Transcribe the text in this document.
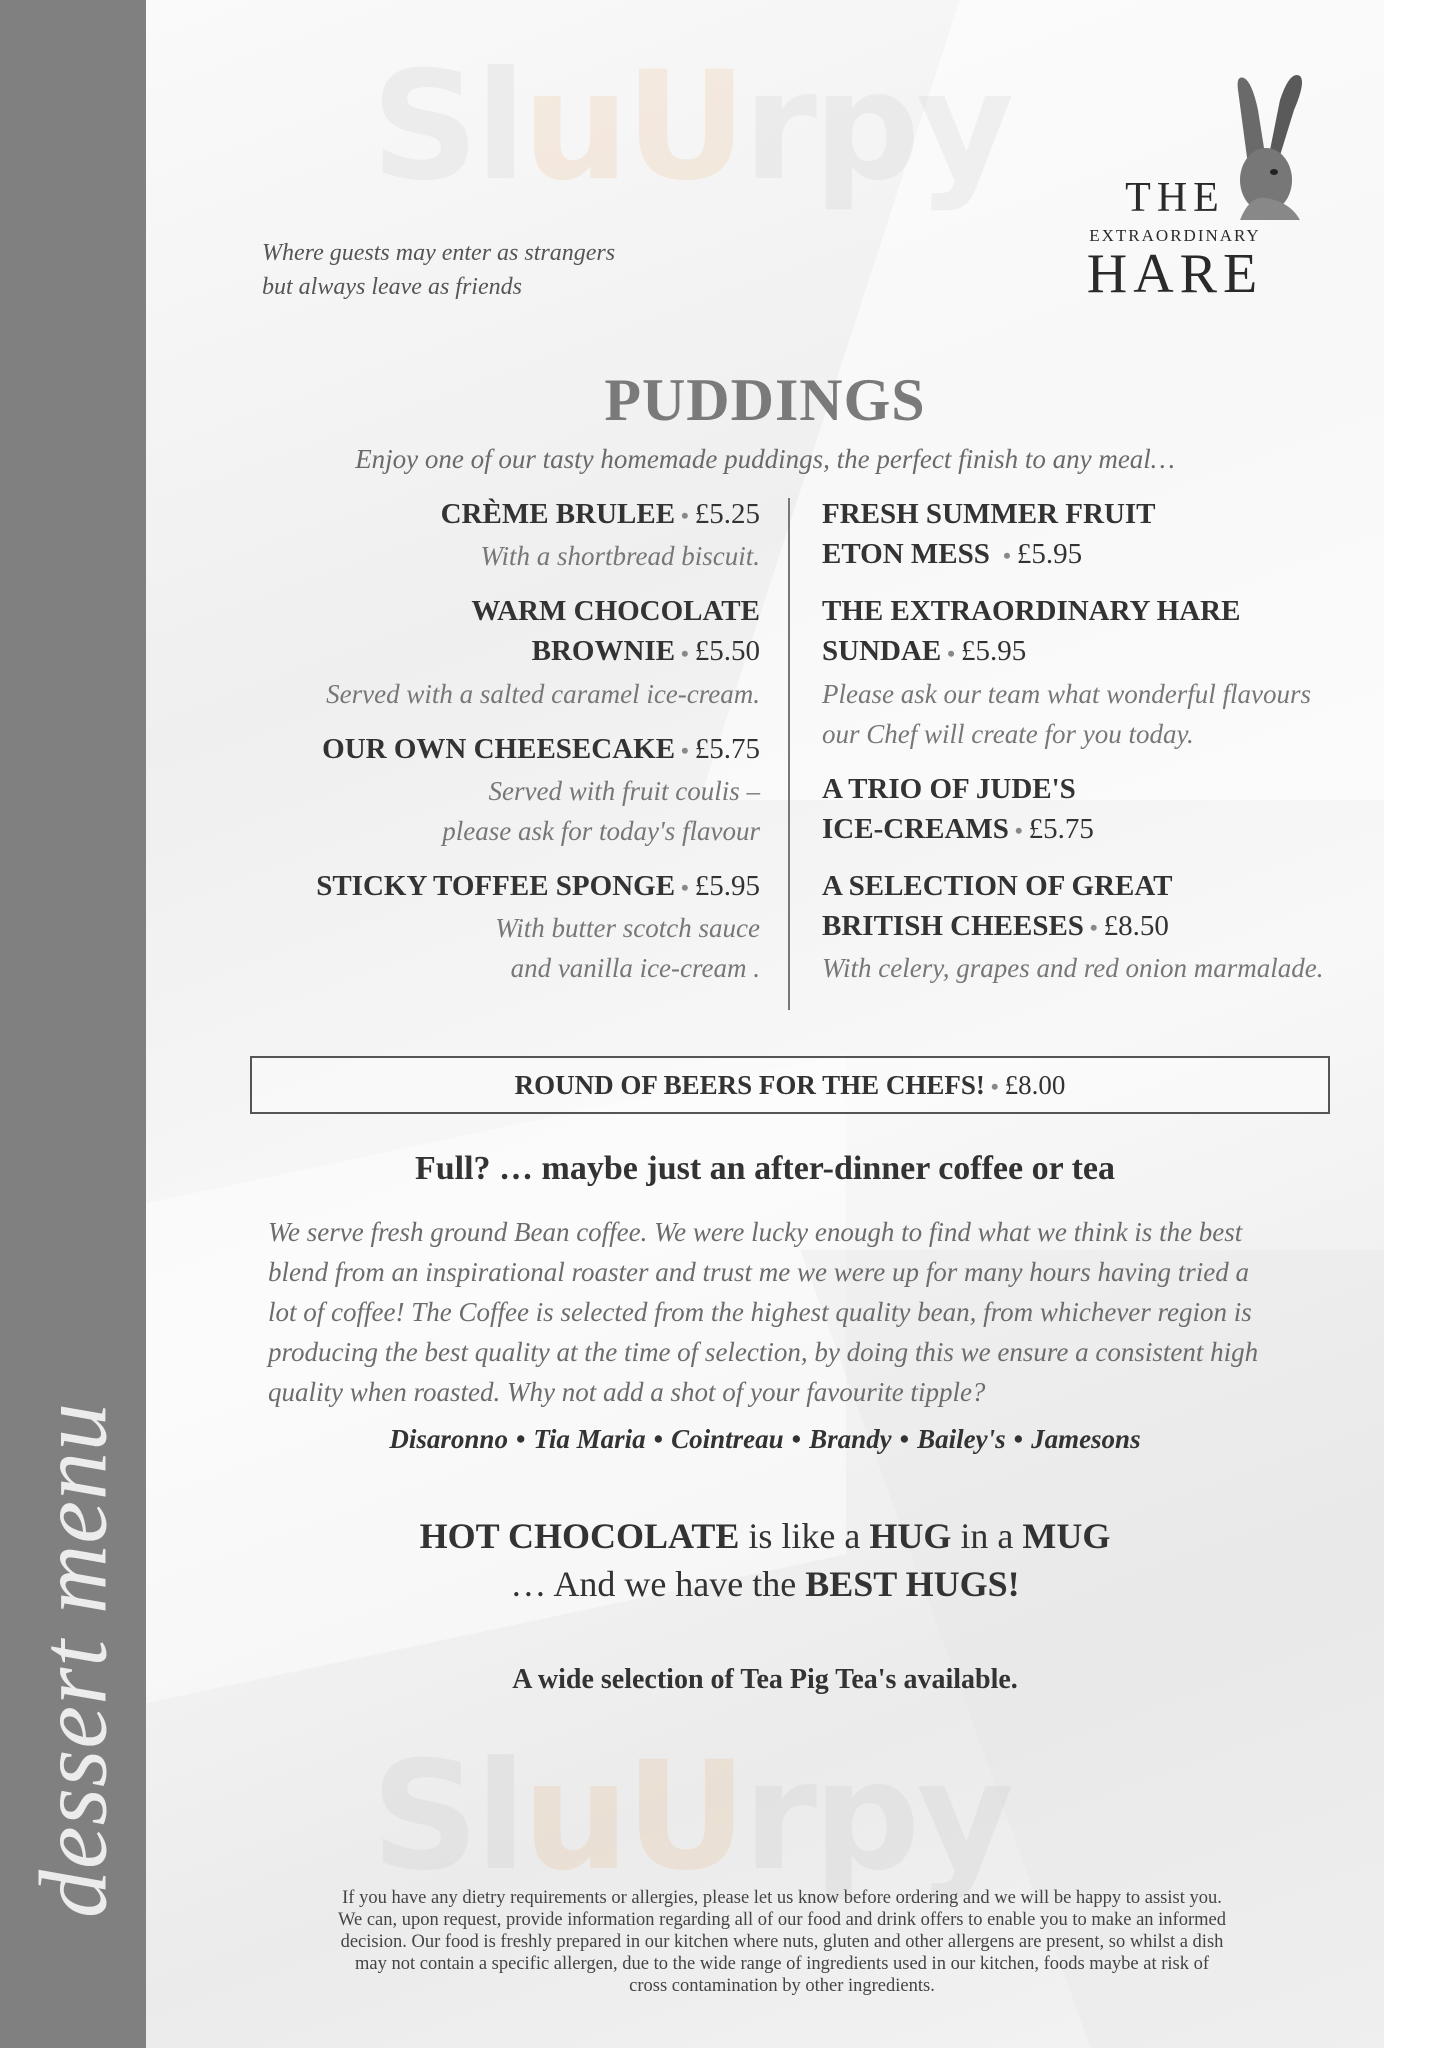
dessert menu
SluUrpy
SluUrpy
Where guests may enter as strangers
but always leave as friends
THE
EXTRAORDINARY
HARE
PUDDINGS
Enjoy one of our tasty homemade puddings, the perfect finish to any meal…
CRÈME BRULEE • £5.25
With a shortbread biscuit.
WARM CHOCOLATE
BROWNIE • £5.50
Served with a salted caramel ice-cream.
OUR OWN CHEESECAKE • £5.75
Served with fruit coulis –
please ask for today's flavour
STICKY TOFFEE SPONGE • £5.95
With butter scotch sauce
and vanilla ice-cream .
FRESH SUMMER FRUIT
ETON MESS • £5.95
THE EXTRAORDINARY HARE
SUNDAE • £5.95
Please ask our team what wonderful flavours
our Chef will create for you today.
A TRIO OF JUDE'S
ICE-CREAMS • £5.75
A SELECTION OF GREAT
BRITISH CHEESES • £8.50
With celery, grapes and red onion marmalade.
ROUND OF BEERS FOR THE CHEFS! • £8.00
Full? … maybe just an after-dinner coffee or tea
We serve fresh ground Bean coffee. We were lucky enough to find what we think is the best
blend from an inspirational roaster and trust me we were up for many hours having tried a
lot of coffee! The Coffee is selected from the highest quality bean, from whichever region is
producing the best quality at the time of selection, by doing this we ensure a consistent high
quality when roasted. Why not add a shot of your favourite tipple?
Disaronno • Tia Maria • Cointreau • Brandy • Bailey's • Jamesons
HOT CHOCOLATE is like a HUG in a MUG
… And we have the BEST HUGS!
A wide selection of Tea Pig Tea's available.
If you have any dietry requirements or allergies, please let us know before ordering and we will be happy to assist you.
We can, upon request, provide information regarding all of our food and drink offers to enable you to make an informed
decision. Our food is freshly prepared in our kitchen where nuts, gluten and other allergens are present, so whilst a dish
may not contain a specific allergen, due to the wide range of ingredients used in our kitchen, foods maybe at risk of
cross contamination by other ingredients.
